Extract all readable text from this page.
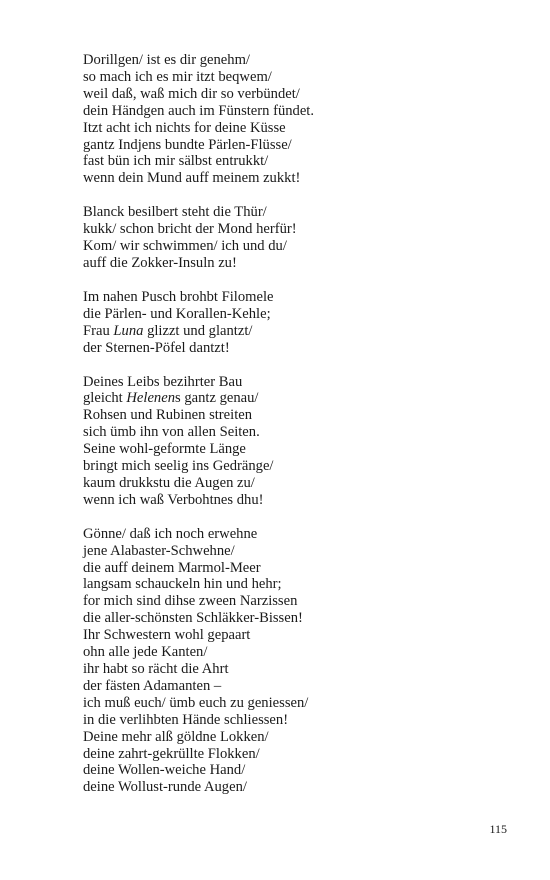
Dorillgen/ ist es dir genehm/
so mach ich es mir itzt beqwem/
weil daß, waß mich dir so verbündet/
dein Händgen auch im Fünstern fündet.
Itzt acht ich nichts for deine Küsse
gantz Indjens bundte Pärlen-Flüsse/
fast bün ich mir sälbst entrukkt/
wenn dein Mund auff meinem zukkt!
Blanck besilbert steht die Thür/
kukk/ schon bricht der Mond herfür!
Kom/ wir schwimmen/ ich und du/
auff die Zokker-Insuln zu!
Im nahen Pusch brohbt Filomele
die Pärlen- und Korallen-Kehle;
Frau Luna glizzt und glantzt/
der Sternen-Pöfel dantzt!
Deines Leibs bezihrter Bau
gleicht Helenens gantz genau/
Rohsen und Rubinen streiten
sich ümb ihn von allen Seiten.
Seine wohl-geformte Länge
bringt mich seelig ins Gedränge/
kaum drukkstu die Augen zu/
wenn ich waß Verbohtnes dhu!
Gönne/ daß ich noch erwehne
jene Alabaster-Schwehne/
die auff deinem Marmol-Meer
langsam schauckeln hin und hehr;
for mich sind dihse zween Narzissen
die aller-schönsten Schläkker-Bissen!
Ihr Schwestern wohl gepaart
ohn alle jede Kanten/
ihr habt so rächt die Ahrt
der fästen Adamanten –
ich muß euch/ ümb euch zu geniessen/
in die verlihbten Hände schliessen!
Deine mehr alß göldne Lokken/
deine zahrt-gekrüllte Flokken/
deine Wollen-weiche Hand/
deine Wollust-runde Augen/
115
